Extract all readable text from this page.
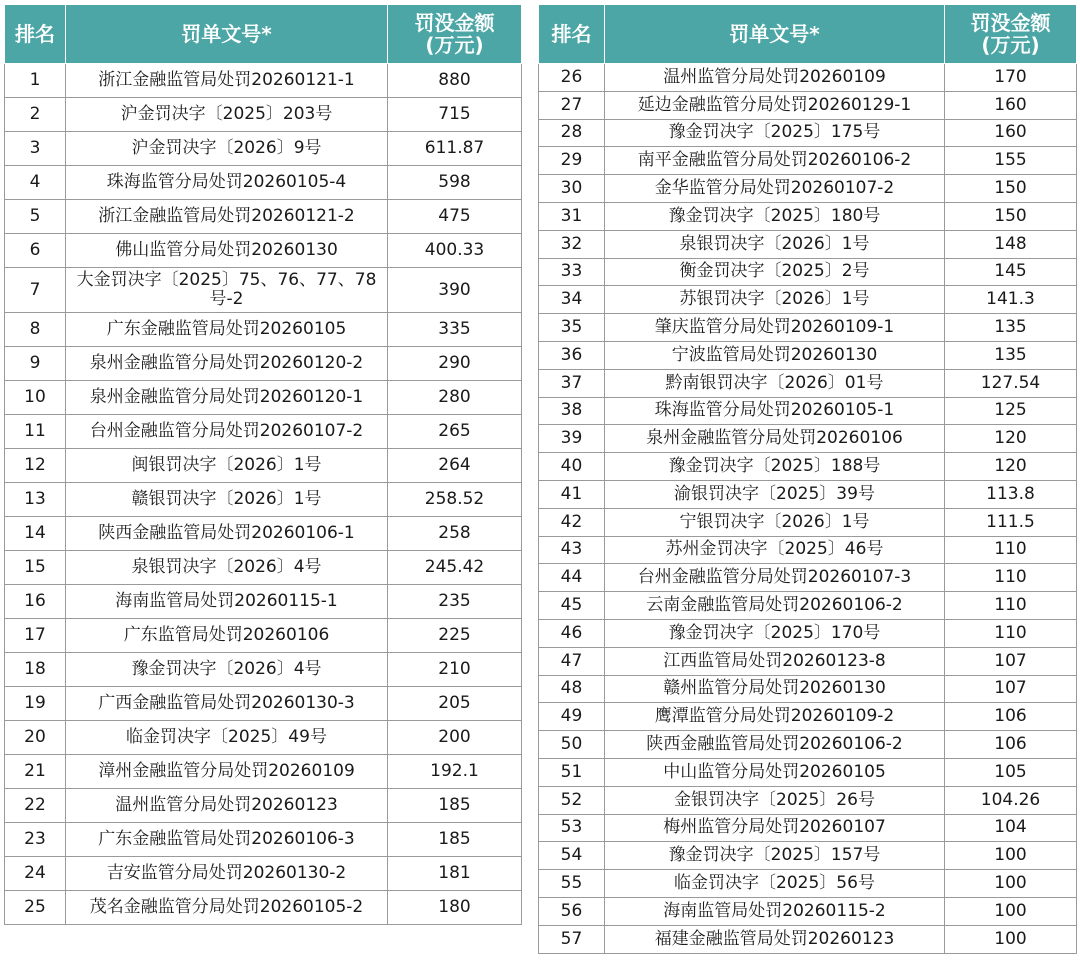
排名	罚单文号*	罚没金额
(万元)
1	浙江金融监管局处罚20260121-1	880
2	沪金罚决字〔2025〕203号	715
3	沪金罚决字〔2026〕9号	611.87
4	珠海监管分局处罚20260105-4	598
5	浙江金融监管局处罚20260121-2	475
6	佛山监管分局处罚20260130	400.33
7	大金罚决字〔2025〕75、76、77、78号-2	390
8	广东金融监管局处罚20260105	335
9	泉州金融监管分局处罚20260120-2	290
10	泉州金融监管分局处罚20260120-1	280
11	台州金融监管分局处罚20260107-2	265
12	闽银罚决字〔2026〕1号	264
13	赣银罚决字〔2026〕1号	258.52
14	陕西金融监管局处罚20260106-1	258
15	泉银罚决字〔2026〕4号	245.42
16	海南监管局处罚20260115-1	235
17	广东监管局处罚20260106	225
18	豫金罚决字〔2026〕4号	210
19	广西金融监管局处罚20260130-3	205
20	临金罚决字〔2025〕49号	200
21	漳州金融监管分局处罚20260109	192.1
22	温州监管分局处罚20260123	185
23	广东金融监管局处罚20260106-3	185
24	吉安监管分局处罚20260130-2	181
25	茂名金融监管分局处罚20260105-2	180
排名	罚单文号*	罚没金额
(万元)
26	温州监管分局处罚20260109	170
27	延边金融监管分局处罚20260129-1	160
28	豫金罚决字〔2025〕175号	160
29	南平金融监管分局处罚20260106-2	155
30	金华监管分局处罚20260107-2	150
31	豫金罚决字〔2025〕180号	150
32	泉银罚决字〔2026〕1号	148
33	衡金罚决字〔2025〕2号	145
34	苏银罚决字〔2026〕1号	141.3
35	肇庆监管分局处罚20260109-1	135
36	宁波监管局处罚20260130	135
37	黔南银罚决字〔2026〕01号	127.54
38	珠海监管分局处罚20260105-1	125
39	泉州金融监管分局处罚20260106	120
40	豫金罚决字〔2025〕188号	120
41	渝银罚决字〔2025〕39号	113.8
42	宁银罚决字〔2026〕1号	111.5
43	苏州金罚决字〔2025〕46号	110
44	台州金融监管分局处罚20260107-3	110
45	云南金融监管局处罚20260106-2	110
46	豫金罚决字〔2025〕170号	110
47	江西监管局处罚20260123-8	107
48	赣州监管分局处罚20260130	107
49	鹰潭监管分局处罚20260109-2	106
50	陕西金融监管局处罚20260106-2	106
51	中山监管分局处罚20260105	105
52	金银罚决字〔2025〕26号	104.26
53	梅州监管分局处罚20260107	104
54	豫金罚决字〔2025〕157号	100
55	临金罚决字〔2025〕56号	100
56	海南监管局处罚20260115-2	100
57	福建金融监管局处罚20260123	100
